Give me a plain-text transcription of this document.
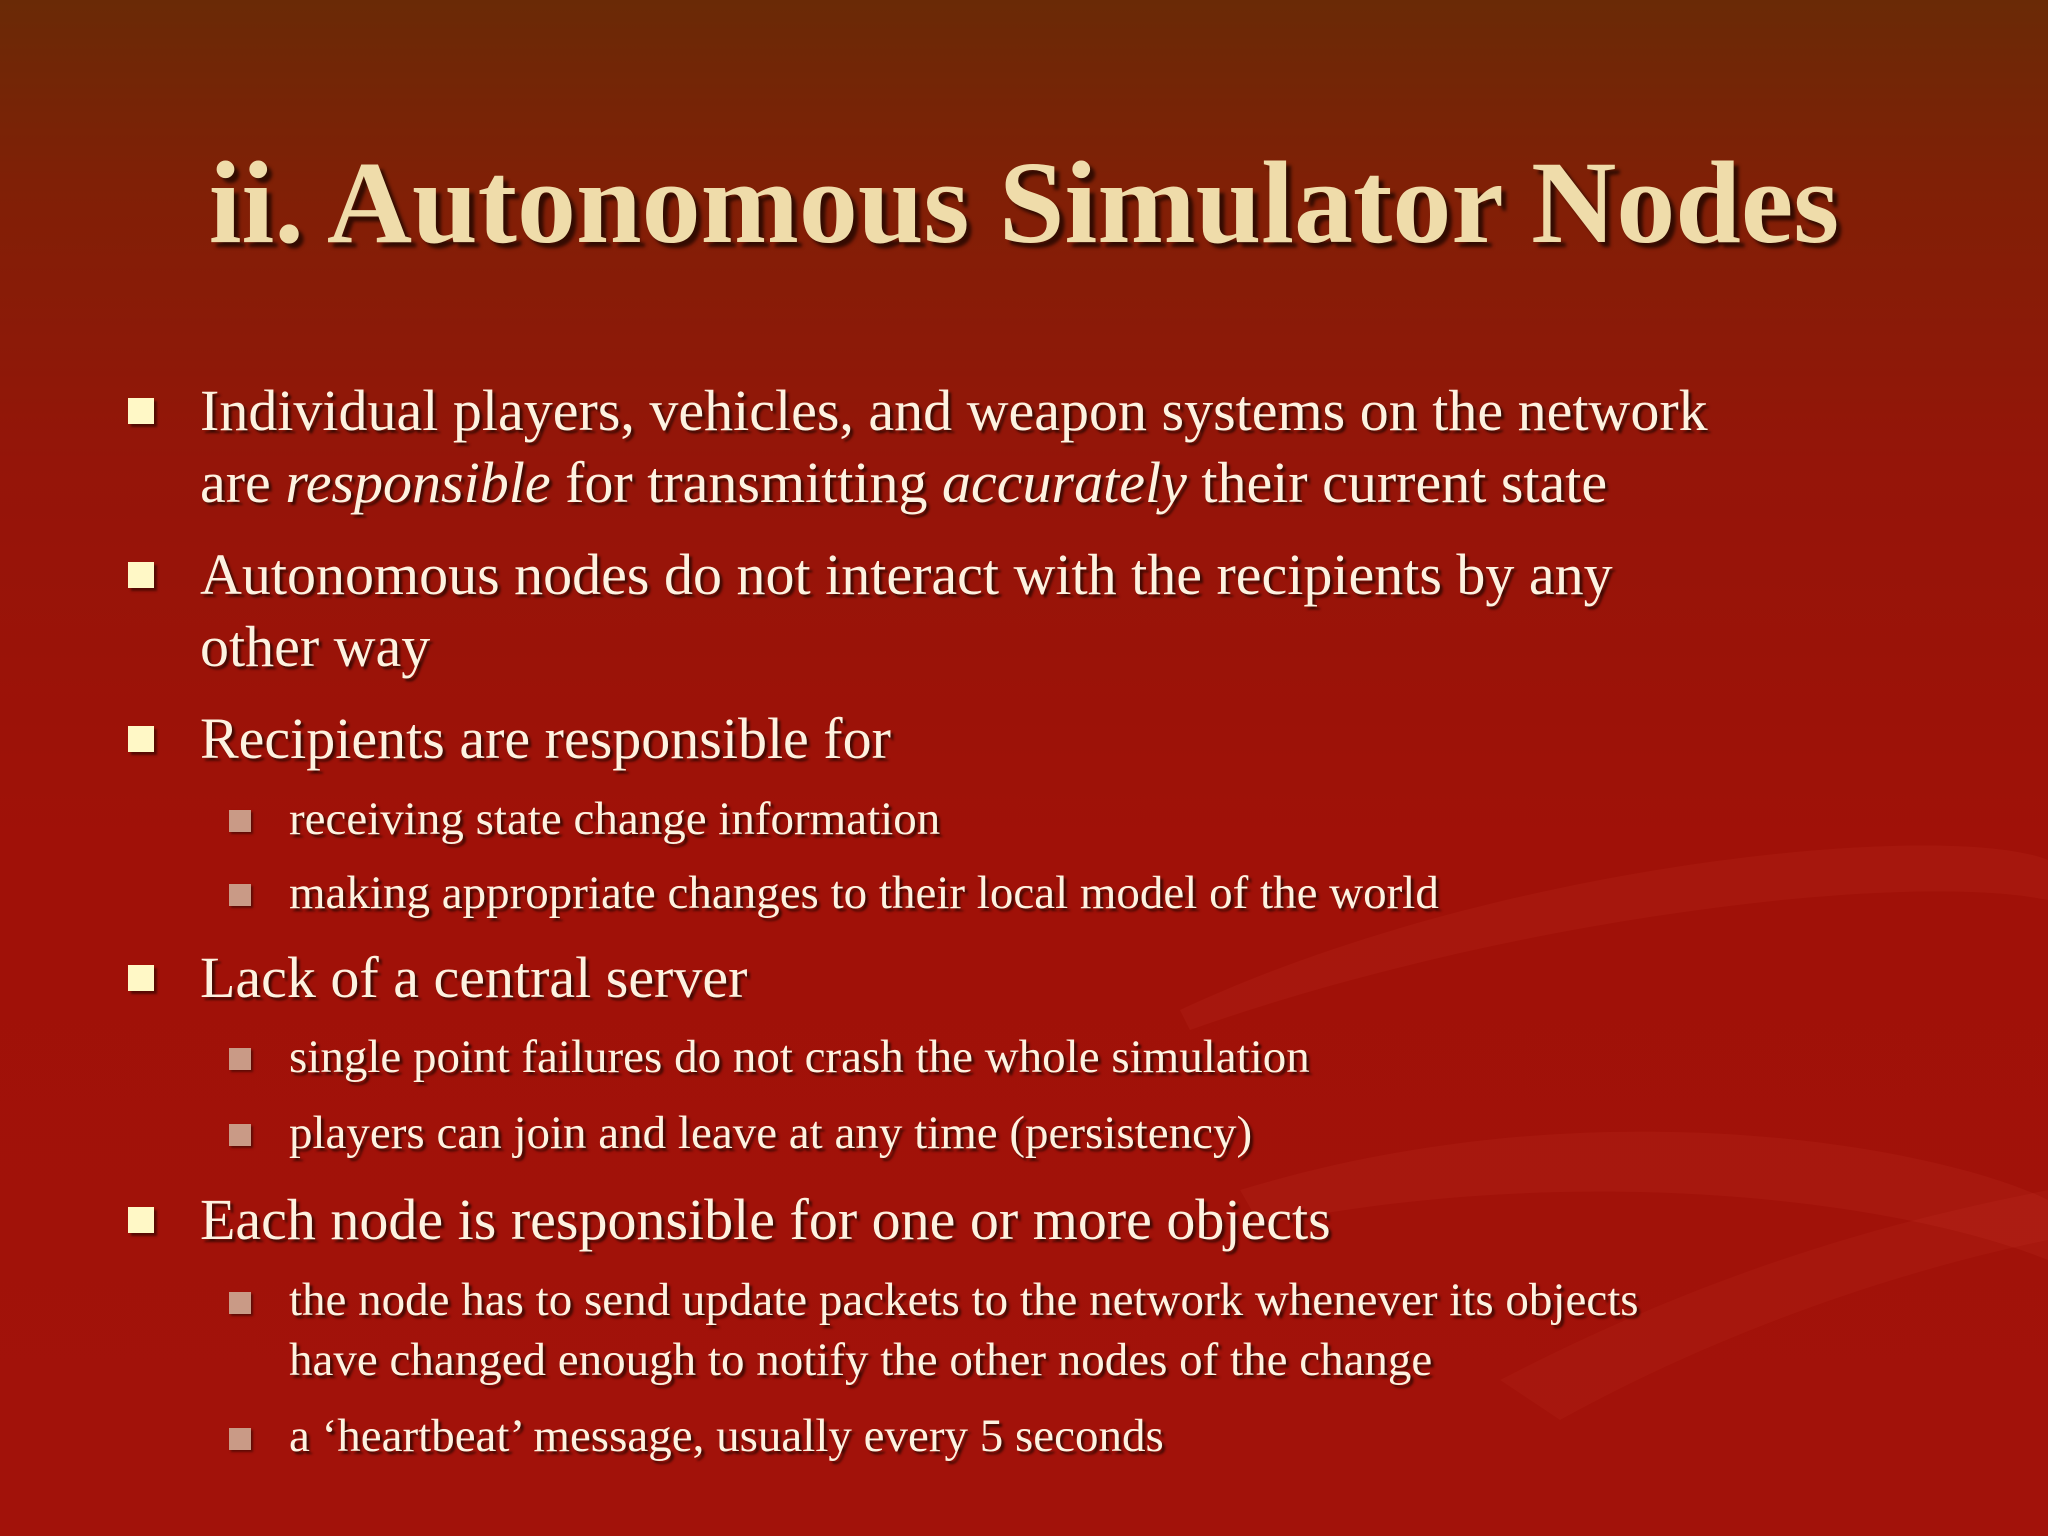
ii. Autonomous Simulator Nodes
Individual players, vehicles, and weapon systems on the network
are responsible for transmitting accurately their current state
Autonomous nodes do not interact with the recipients by any
other way
Recipients are responsible for
receiving state change information
making appropriate changes to their local model of the world
Lack of a central server
single point failures do not crash the whole simulation
players can join and leave at any time (persistency)
Each node is responsible for one or more objects
the node has to send update packets to the network whenever its objects
have changed enough to notify the other nodes of the change
a ‘heartbeat’ message, usually every 5 seconds
